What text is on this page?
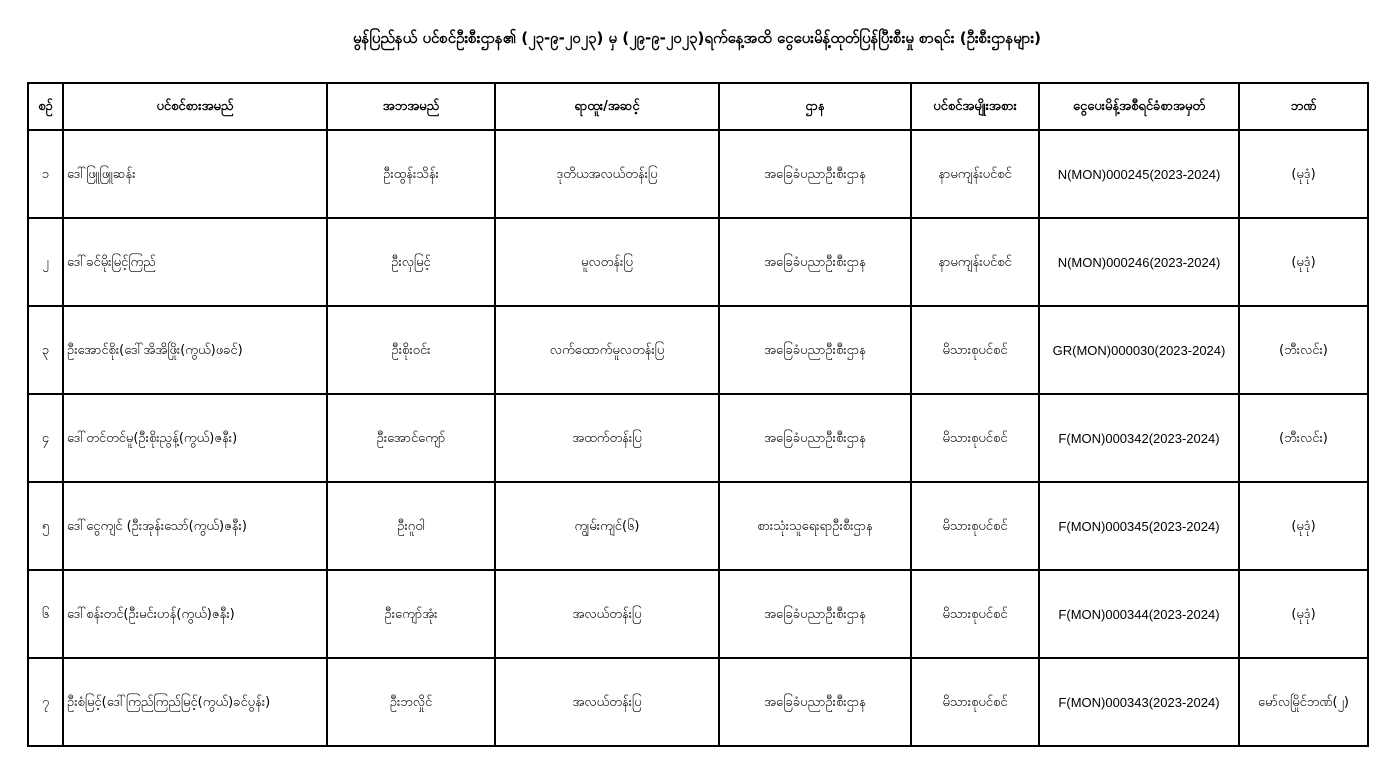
မွန်ပြည်နယ် ပင်စင်ဦးစီးဌာန၏ (၂၃-၉-၂၀၂၃) မှ (၂၉-၉-၂၀၂၃)ရက်နေ့အထိ ငွေပေးမိန့်ထုတ်ပြန်ပြီးစီးမှု စာရင်း (ဦးစီးဌာနများ)
စဉ်	ပင်စင်စားအမည်	အဘအမည်	ရာထူး/အဆင့်	ဌာန	ပင်စင်အမျိုးအစား	ငွေပေးမိန့်အစီရင်ခံစာအမှတ်	ဘဏ်
၁	ဒေါ်ဖြူဖြူဆန်း	ဦးထွန်းသိန်း	ဒုတိယအလယ်တန်းပြ	အခြေခံပညာဦးစီးဌာန	နာမကျန်းပင်စင်	N(MON)000245(2023-2024)	(မုဒုံ)
၂	ဒေါ်ခင်မိုးမြင့်ကြည်	ဦးလှမြင့်	မူလတန်းပြ	အခြေခံပညာဦးစီးဌာန	နာမကျန်းပင်စင်	N(MON)000246(2023-2024)	(မုဒုံ)
၃	ဦးအောင်စိုး(ဒေါ်အိအိဖြိုး(ကွယ်)ဖခင်)	ဦးစိုးဝင်း	လက်ထောက်မူလတန်းပြ	အခြေခံပညာဦးစီးဌာန	မိသားစုပင်စင်	GR(MON)000030(2023-2024)	(ဘီးလင်း)
၄	ဒေါ်တင်တင်မူ(ဦးစိုးညွန့်(ကွယ်)ဇနီး)	ဦးအောင်ကျော်	အထက်တန်းပြ	အခြေခံပညာဦးစီးဌာန	မိသားစုပင်စင်	F(MON)000342(2023-2024)	(ဘီးလင်း)
၅	ဒေါ်ငွေကျင် (ဦးအုန်းသော်(ကွယ်)ဇနီး)	ဦးဂူဝါ	ကျွမ်းကျင်(၆)	စားသုံးသူရေးရာဦးစီးဌာန	မိသားစုပင်စင်	F(MON)000345(2023-2024)	(မုဒုံ)
၆	ဒေါ်စန်းတင်(ဦးမင်းဟန်(ကွယ်)ဇနီး)	ဦးကျော်အုံး	အလယ်တန်းပြ	အခြေခံပညာဦးစီးဌာန	မိသားစုပင်စင်	F(MON)000344(2023-2024)	(မုဒုံ)
၇	ဦးစံမြင့်(ဒေါ်ကြည်ကြည်မြင့်(ကွယ်)ခင်ပွန်း)	ဦးဘလှိုင်	အလယ်တန်းပြ	အခြေခံပညာဦးစီးဌာန	မိသားစုပင်စင်	F(MON)000343(2023-2024)	မော်လမြိုင်ဘဏ်(၂)
